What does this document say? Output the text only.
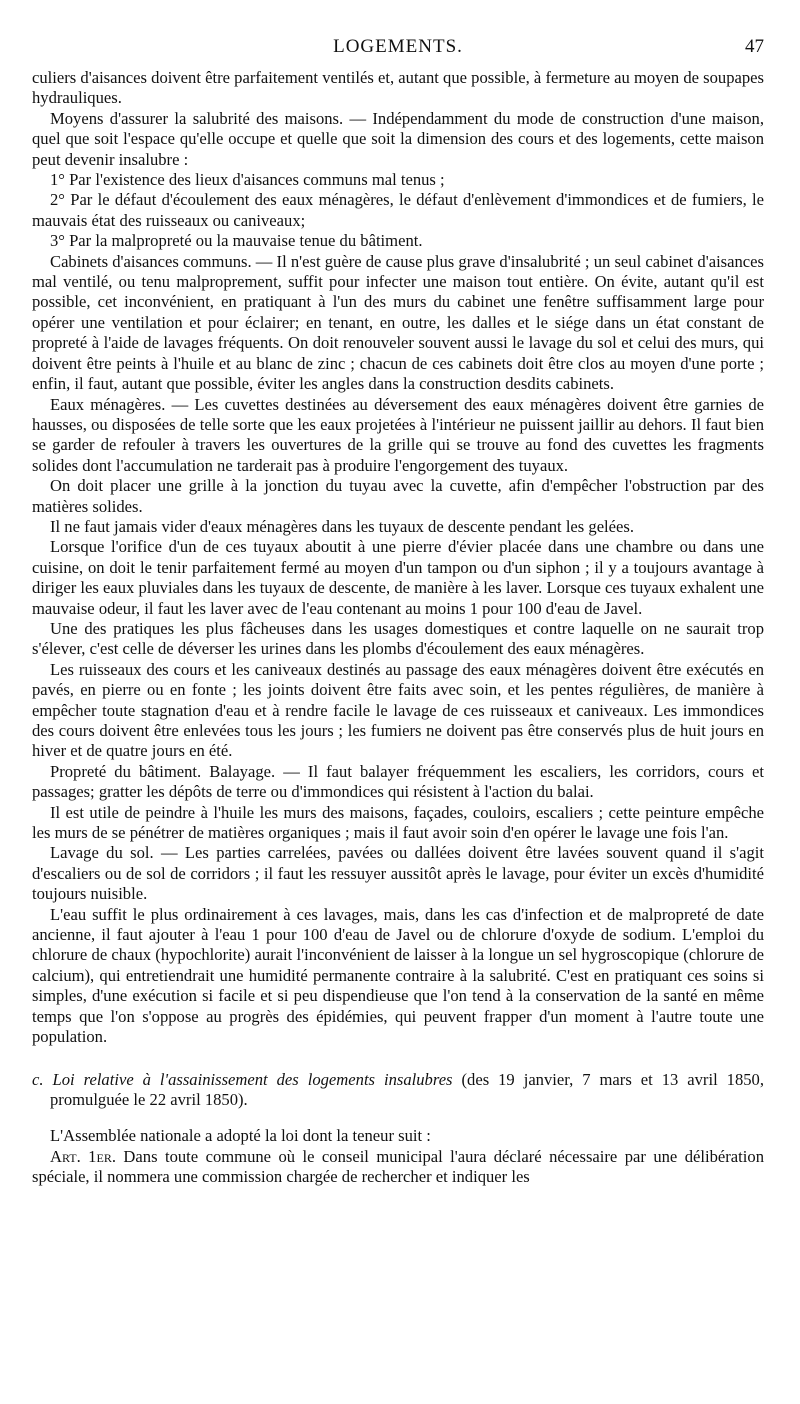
LOGEMENTS.	47

culiers d'aisances doivent être parfaitement ventilés et, autant que possible, à fermeture au moyen de soupapes hydrauliques.

Moyens d'assurer la salubrité des maisons. — Indépendamment du mode de construction d'une maison, quel que soit l'espace qu'elle occupe et quelle que soit la dimension des cours et des logements, cette maison peut devenir insalubre :

1° Par l'existence des lieux d'aisances communs mal tenus ;

2° Par le défaut d'écoulement des eaux ménagères, le défaut d'enlèvement d'immondices et de fumiers, le mauvais état des ruisseaux ou caniveaux;

3° Par la malpropreté ou la mauvaise tenue du bâtiment.

Cabinets d'aisances communs. — Il n'est guère de cause plus grave d'insalubrité ; un seul cabinet d'aisances mal ventilé, ou tenu malproprement, suffit pour infecter une maison tout entière. On évite, autant qu'il est possible, cet inconvénient, en pratiquant à l'un des murs du cabinet une fenêtre suffisamment large pour opérer une ventilation et pour éclairer; en tenant, en outre, les dalles et le siége dans un état constant de propreté à l'aide de lavages fréquents. On doit renouveler souvent aussi le lavage du sol et celui des murs, qui doivent être peints à l'huile et au blanc de zinc ; chacun de ces cabinets doit être clos au moyen d'une porte ; enfin, il faut, autant que possible, éviter les angles dans la construction desdits cabinets.

Eaux ménagères. — Les cuvettes destinées au déversement des eaux ménagères doivent être garnies de hausses, ou disposées de telle sorte que les eaux projetées à l'intérieur ne puissent jaillir au dehors. Il faut bien se garder de refouler à travers les ouvertures de la grille qui se trouve au fond des cuvettes les fragments solides dont l'accumulation ne tarderait pas à produire l'engorgement des tuyaux.

On doit placer une grille à la jonction du tuyau avec la cuvette, afin d'empêcher l'obstruction par des matières solides.

Il ne faut jamais vider d'eaux ménagères dans les tuyaux de descente pendant les gelées.

Lorsque l'orifice d'un de ces tuyaux aboutit à une pierre d'évier placée dans une chambre ou dans une cuisine, on doit le tenir parfaitement fermé au moyen d'un tampon ou d'un siphon ; il y a toujours avantage à diriger les eaux pluviales dans les tuyaux de descente, de manière à les laver. Lorsque ces tuyaux exhalent une mauvaise odeur, il faut les laver avec de l'eau contenant au moins 1 pour 100 d'eau de Javel.

Une des pratiques les plus fâcheuses dans les usages domestiques et contre laquelle on ne saurait trop s'élever, c'est celle de déverser les urines dans les plombs d'écoulement des eaux ménagères.

Les ruisseaux des cours et les caniveaux destinés au passage des eaux ménagères doivent être exécutés en pavés, en pierre ou en fonte ; les joints doivent être faits avec soin, et les pentes régulières, de manière à empêcher toute stagnation d'eau et à rendre facile le lavage de ces ruisseaux et caniveaux. Les immondices des cours doivent être enlevées tous les jours ; les fumiers ne doivent pas être conservés plus de huit jours en hiver et de quatre jours en été.

Propreté du bâtiment. Balayage. — Il faut balayer fréquemment les escaliers, les corridors, cours et passages; gratter les dépôts de terre ou d'immondices qui résistent à l'action du balai.

Il est utile de peindre à l'huile les murs des maisons, façades, couloirs, escaliers ; cette peinture empêche les murs de se pénétrer de matières organiques ; mais il faut avoir soin d'en opérer le lavage une fois l'an.

Lavage du sol. — Les parties carrelées, pavées ou dallées doivent être lavées souvent quand il s'agit d'escaliers ou de sol de corridors ; il faut les ressuyer aussitôt après le lavage, pour éviter un excès d'humidité toujours nuisible.

L'eau suffit le plus ordinairement à ces lavages, mais, dans les cas d'infection et de malpropreté de date ancienne, il faut ajouter à l'eau 1 pour 100 d'eau de Javel ou de chlorure d'oxyde de sodium. L'emploi du chlorure de chaux (hypochlorite) aurait l'inconvénient de laisser à la longue un sel hygroscopique (chlorure de calcium), qui entretiendrait une humidité permanente contraire à la salubrité. C'est en pratiquant ces soins si simples, d'une exécution si facile et si peu dispendieuse que l'on tend à la conservation de la santé en même temps que l'on s'oppose au progrès des épidémies, qui peuvent frapper d'un moment à l'autre toute une population.

c. Loi relative à l'assainissement des logements insalubres (des 19 janvier, 7 mars et 13 avril 1850, promulguée le 22 avril 1850).

L'Assemblée nationale a adopté la loi dont la teneur suit :

Art. 1er. Dans toute commune où le conseil municipal l'aura déclaré nécessaire par une délibération spéciale, il nommera une commission chargée de rechercher et indiquer les
